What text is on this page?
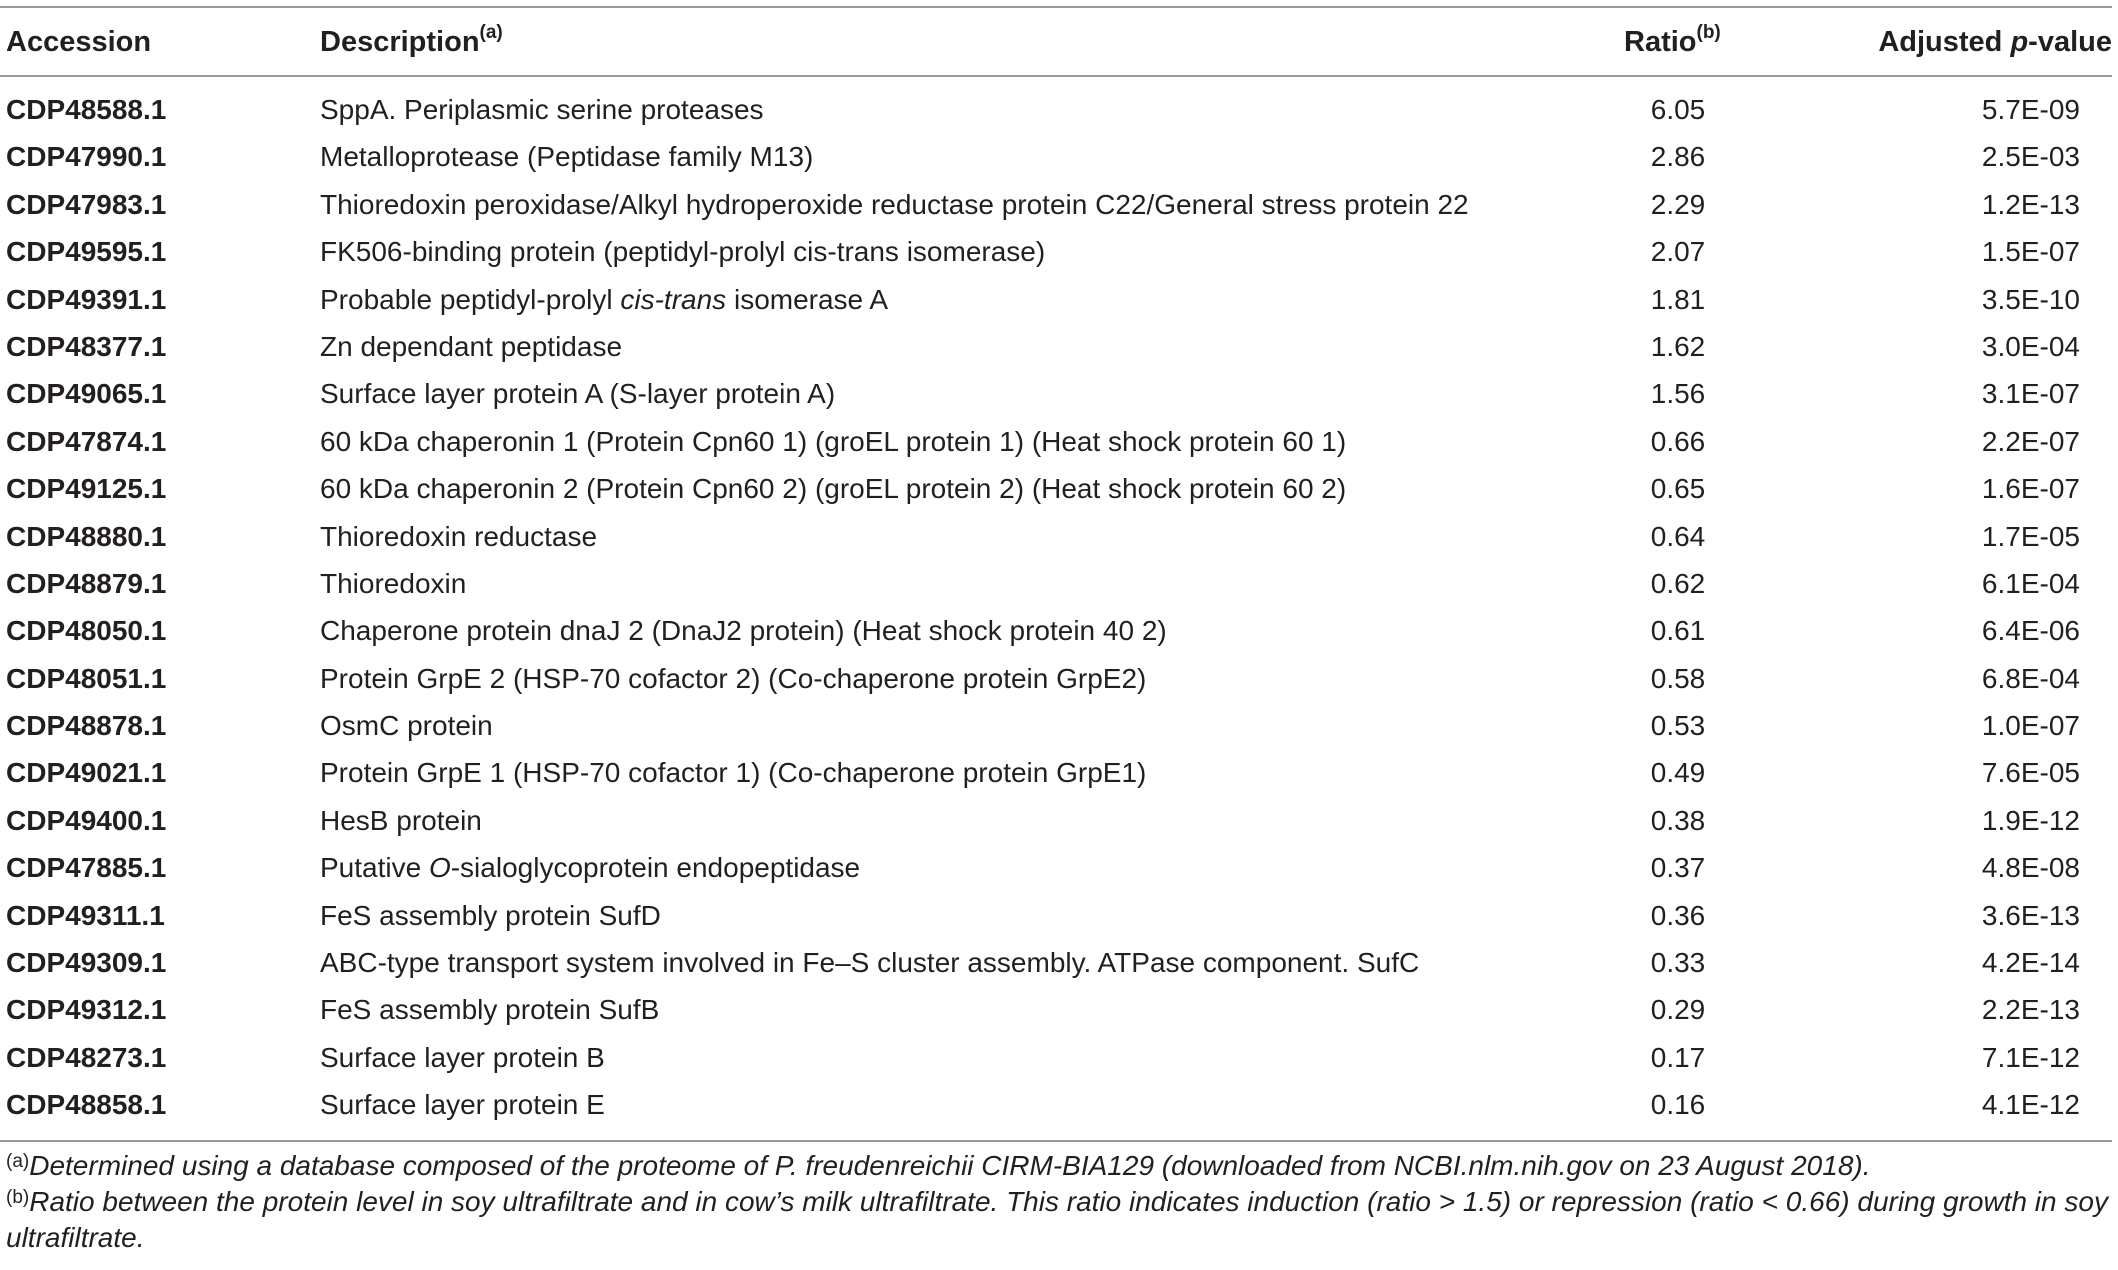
Accession	Description$^{(a)}$	Ratio$^{(b)}$	Adjusted p-value
CDP48588.1	SppA. Periplasmic serine proteases	6.05	5.7E-09
CDP47990.1	Metalloprotease (Peptidase family M13)	2.86	2.5E-03
CDP47983.1	Thioredoxin peroxidase/Alkyl hydroperoxide reductase protein C22/General stress protein 22	2.29	1.2E-13
CDP49595.1	FK506-binding protein (peptidyl-prolyl cis-trans isomerase)	2.07	1.5E-07
CDP49391.1	Probable peptidyl-prolyl cis-trans isomerase A	1.81	3.5E-10
CDP48377.1	Zn dependant peptidase	1.62	3.0E-04
CDP49065.1	Surface layer protein A (S-layer protein A)	1.56	3.1E-07
CDP47874.1	60 kDa chaperonin 1 (Protein Cpn60 1) (groEL protein 1) (Heat shock protein 60 1)	0.66	2.2E-07
CDP49125.1	60 kDa chaperonin 2 (Protein Cpn60 2) (groEL protein 2) (Heat shock protein 60 2)	0.65	1.6E-07
CDP48880.1	Thioredoxin reductase	0.64	1.7E-05
CDP48879.1	Thioredoxin	0.62	6.1E-04
CDP48050.1	Chaperone protein dnaJ 2 (DnaJ2 protein) (Heat shock protein 40 2)	0.61	6.4E-06
CDP48051.1	Protein GrpE 2 (HSP-70 cofactor 2) (Co-chaperone protein GrpE2)	0.58	6.8E-04
CDP48878.1	OsmC protein	0.53	1.0E-07
CDP49021.1	Protein GrpE 1 (HSP-70 cofactor 1) (Co-chaperone protein GrpE1)	0.49	7.6E-05
CDP49400.1	HesB protein	0.38	1.9E-12
CDP47885.1	Putative O-sialoglycoprotein endopeptidase	0.37	4.8E-08
CDP49311.1	FeS assembly protein SufD	0.36	3.6E-13
CDP49309.1	ABC-type transport system involved in Fe–S cluster assembly. ATPase component. SufC	0.33	4.2E-14
CDP49312.1	FeS assembly protein SufB	0.29	2.2E-13
CDP48273.1	Surface layer protein B	0.17	7.1E-12
CDP48858.1	Surface layer protein E	0.16	4.1E-12

$^{(a)}$Determined using a database composed of the proteome of P. freudenreichii CIRM-BIA129 (downloaded from NCBI.nlm.nih.gov on 23 August 2018).

$^{(b)}$Ratio between the protein level in soy ultrafiltrate and in cow’s milk ultrafiltrate. This ratio indicates induction (ratio > 1.5) or repression (ratio < 0.66) during growth in soy ultrafiltrate.
